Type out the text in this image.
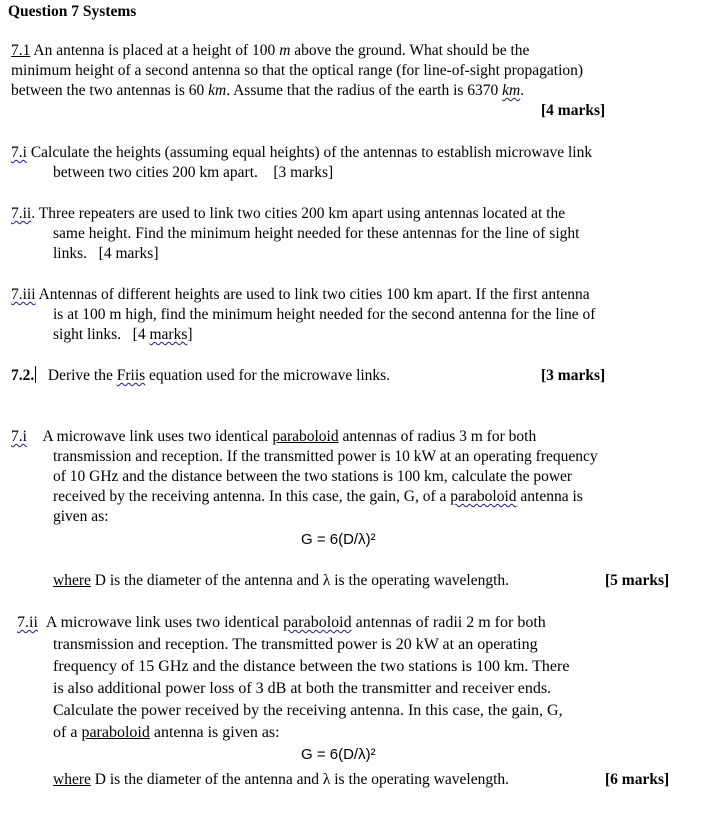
Question 7 Systems
7.1 An antenna is placed at a height of 100 m above the ground. What should be the
minimum height of a second antenna so that the optical range (for line-of-sight propagation)
between the two antennas is 60 km. Assume that the radius of the earth is 6370 km.
[4 marks]
7.i Calculate the heights (assuming equal heights) of the antennas to establish microwave link
between two cities 200 km apart. [3 marks]
7.ii. Three repeaters are used to link two cities 200 km apart using antennas located at the
same height. Find the minimum height needed for these antennas for the line of sight
links. [4 marks]
7.iii Antennas of different heights are used to link two cities 100 km apart. If the first antenna
is at 100 m high, find the minimum height needed for the second antenna for the line of
sight links. [4 marks]
7.2. Derive the Friis equation used for the microwave links.	[3 marks]
7.i A microwave link uses two identical paraboloid antennas of radius 3 m for both
transmission and reception. If the transmitted power is 10 kW at an operating frequency
of 10 GHz and the distance between the two stations is 100 km, calculate the power
received by the receiving antenna. In this case, the gain, G, of a paraboloid antenna is
given as:
G = 6(D/λ)²
where D is the diameter of the antenna and λ is the operating wavelength.	[5 marks]
7.ii A microwave link uses two identical paraboloid antennas of radii 2 m for both
transmission and reception. The transmitted power is 20 kW at an operating
frequency of 15 GHz and the distance between the two stations is 100 km. There
is also additional power loss of 3 dB at both the transmitter and receiver ends.
Calculate the power received by the receiving antenna. In this case, the gain, G,
of a paraboloid antenna is given as:
G = 6(D/λ)²
where D is the diameter of the antenna and λ is the operating wavelength.	[6 marks]
